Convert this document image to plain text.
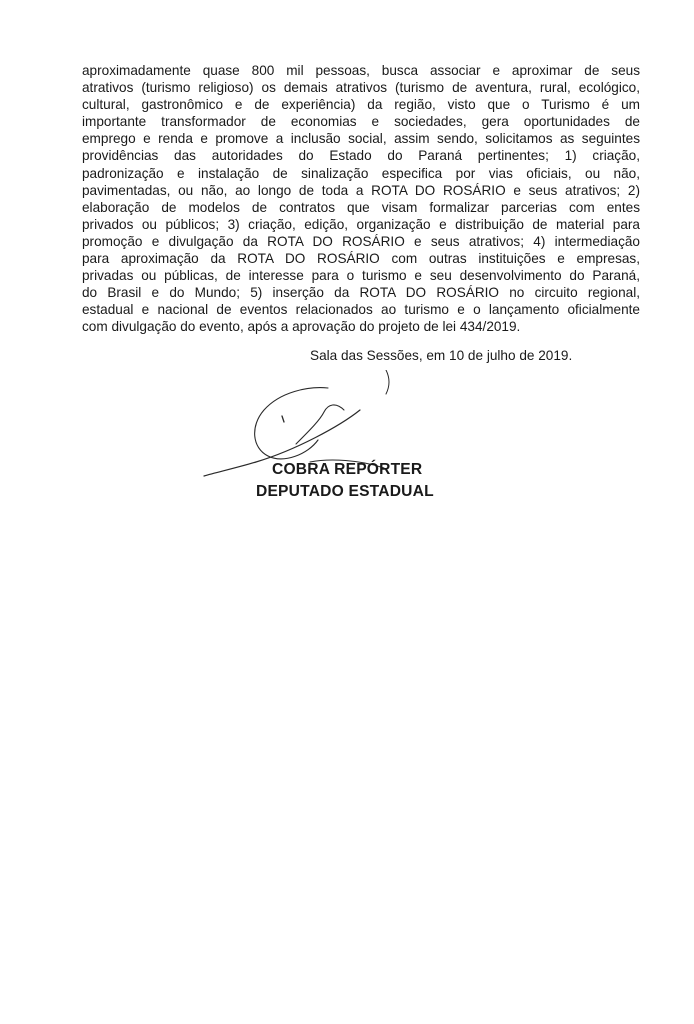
aproximadamente quase 800 mil pessoas, busca associar e aproximar de seus
atrativos (turismo religioso) os demais atrativos (turismo de aventura, rural, ecológico,
cultural, gastronômico e de experiência) da região, visto que o Turismo é um
importante transformador de economias e sociedades, gera oportunidades de
emprego e renda e promove a inclusão social, assim sendo, solicitamos as seguintes
providências das autoridades do Estado do Paraná pertinentes; 1) criação,
padronização e instalação de sinalização especifica por vias oficiais, ou não,
pavimentadas, ou não, ao longo de toda a ROTA DO ROSÁRIO e seus atrativos; 2)
elaboração de modelos de contratos que visam formalizar parcerias com entes
privados ou públicos; 3) criação, edição, organização e distribuição de material para
promoção e divulgação da ROTA DO ROSÁRIO e seus atrativos; 4) intermediação
para aproximação da ROTA DO ROSÁRIO com outras instituições e empresas,
privadas ou públicas, de interesse para o turismo e seu desenvolvimento do Paraná,
do Brasil e do Mundo; 5) inserção da ROTA DO ROSÁRIO no circuito regional,
estadual e nacional de eventos relacionados ao turismo e o lançamento oficialmente
com divulgação do evento, após a aprovação do projeto de lei 434/2019.
Sala das Sessões, em 10 de julho de 2019.
COBRA REPÓRTER
DEPUTADO ESTADUAL
